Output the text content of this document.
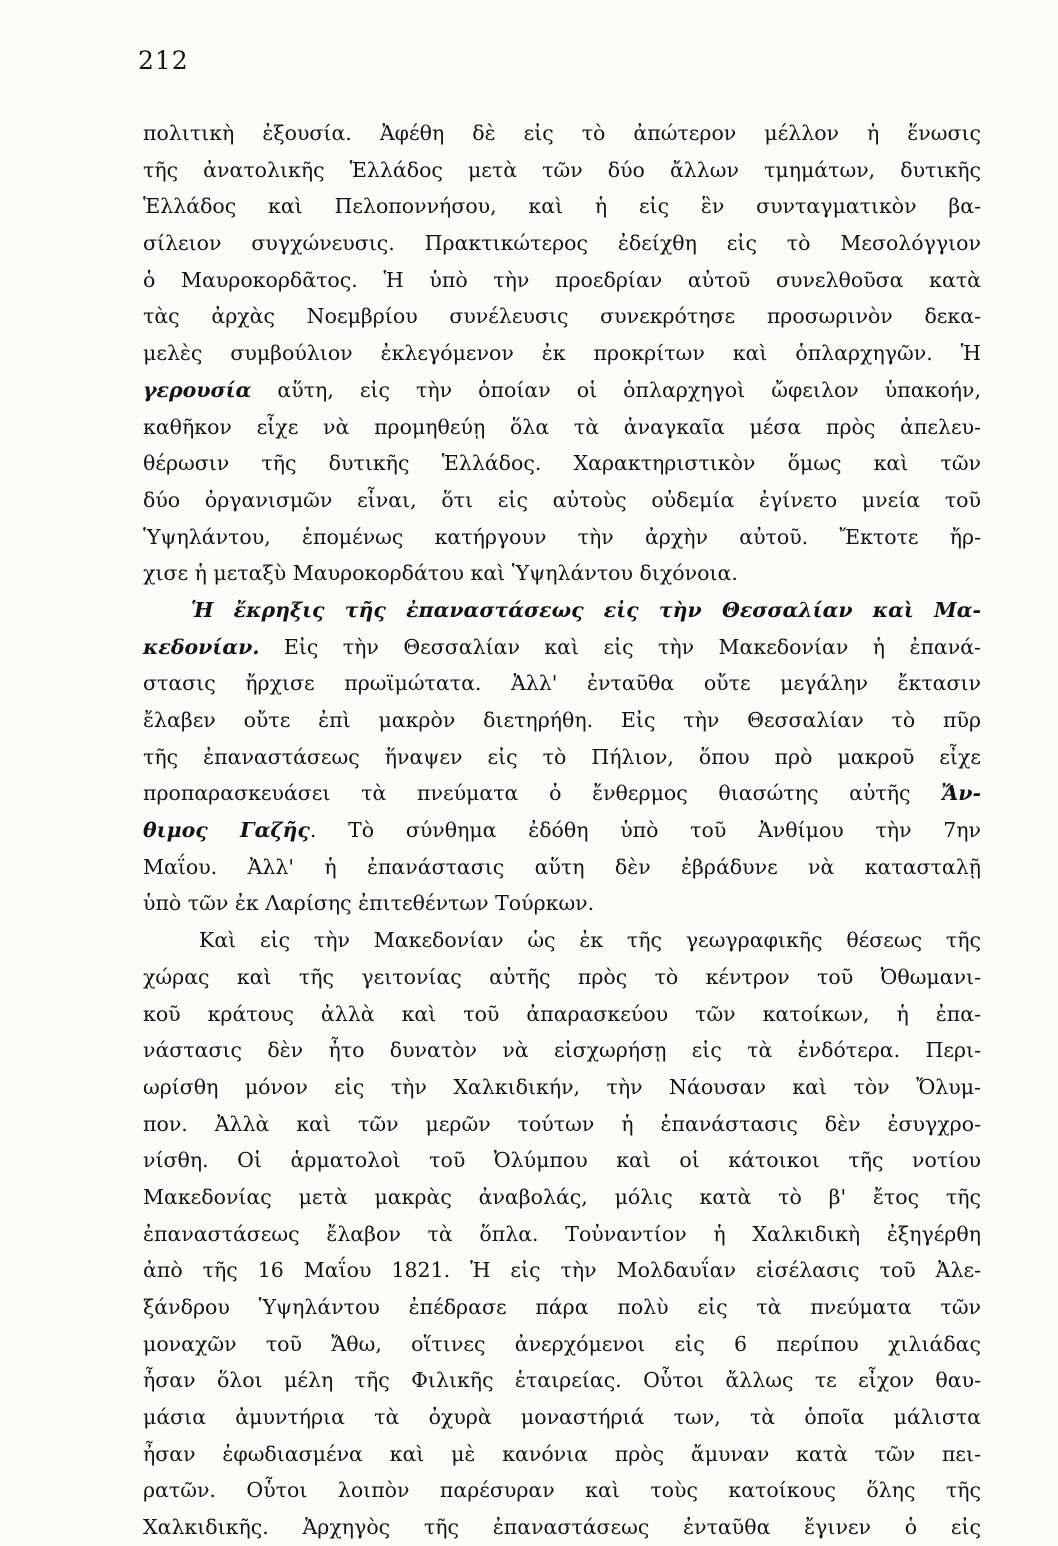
212
πολιτικὴ ἐξουσία. Ἀφέθη δὲ εἰς τὸ ἀπώτερον μέλλον ἡ ἕνωσις
τῆς ἀνατολικῆς Ἑλλάδος μετὰ τῶν δύο ἄλλων τμημάτων, δυτικῆς
Ἑλλάδος καὶ Πελοποννήσου, καὶ ἡ εἰς ἓν συνταγματικὸν βα-
σίλειον συγχώνευσις. Πρακτικώτερος ἐδείχθη εἰς τὸ Μεσολόγγιον
ὁ Μαυροκορδᾶτος. Ἡ ὑπὸ τὴν προεδρίαν αὐτοῦ συνελθοῦσα κατὰ
τὰς ἀρχὰς Νοεμβρίου συνέλευσις συνεκρότησε προσωρινὸν δεκα-
μελὲς συμβούλιον ἐκλεγόμενον ἐκ προκρίτων καὶ ὁπλαρχηγῶν. Ἡ
γερουσία αὕτη, εἰς τὴν ὁποίαν οἱ ὁπλαρχηγοὶ ὤφειλον ὑπακοήν,
καθῆκον εἶχε νὰ προμηθεύῃ ὅλα τὰ ἀναγκαῖα μέσα πρὸς ἀπελευ-
θέρωσιν τῆς δυτικῆς Ἑλλάδος. Χαρακτηριστικὸν ὅμως καὶ τῶν
δύο ὀργανισμῶν εἶναι, ὅτι εἰς αὐτοὺς οὐδεμία ἐγίνετο μνεία τοῦ
Ὑψηλάντου, ἑπομένως κατήργουν τὴν ἀρχὴν αὐτοῦ. Ἔκτοτε ἤρ-
χισε ἡ μεταξὺ Μαυροκορδάτου καὶ Ὑψηλάντου διχόνοια.
Ἡ ἔκρηξις τῆς ἐπαναστάσεως εἰς τὴν Θεσσαλίαν καὶ Μα-
κεδονίαν. Εἰς τὴν Θεσσαλίαν καὶ εἰς τὴν Μακεδονίαν ἡ ἐπανά-
στασις ἤρχισε πρωϊμώτατα. Ἀλλ' ἐνταῦθα οὔτε μεγάλην ἔκτασιν
ἔλαβεν οὔτε ἐπὶ μακρὸν διετηρήθη. Εἰς τὴν Θεσσαλίαν τὸ πῦρ
τῆς ἐπαναστάσεως ἥναψεν εἰς τὸ Πήλιον, ὅπου πρὸ μακροῦ εἶχε
προπαρασκευάσει τὰ πνεύματα ὁ ἔνθερμος θιασώτης αὐτῆς Ἄν-
θιμος Γαζῆς. Τὸ σύνθημα ἐδόθη ὑπὸ τοῦ Ἀνθίμου τὴν 7ην
Μαΐου. Ἀλλ' ἡ ἐπανάστασις αὕτη δὲν ἐβράδυνε νὰ κατασταλῇ
ὑπὸ τῶν ἐκ Λαρίσης ἐπιτεθέντων Τούρκων.
Καὶ εἰς τὴν Μακεδονίαν ὡς ἐκ τῆς γεωγραφικῆς θέσεως τῆς
χώρας καὶ τῆς γειτονίας αὐτῆς πρὸς τὸ κέντρον τοῦ Ὀθωμανι-
κοῦ κράτους ἀλλὰ καὶ τοῦ ἀπαρασκεύου τῶν κατοίκων, ἡ ἐπα-
νάστασις δὲν ἦτο δυνατὸν νὰ εἰσχωρήσῃ εἰς τὰ ἐνδότερα. Περι-
ωρίσθη μόνον εἰς τὴν Χαλκιδικήν, τὴν Νάουσαν καὶ τὸν Ὄλυμ-
πον. Ἀλλὰ καὶ τῶν μερῶν τούτων ἡ ἐπανάστασις δὲν ἐσυγχρο-
νίσθη. Οἱ ἁρματολοὶ τοῦ Ὀλύμπου καὶ οἱ κάτοικοι τῆς νοτίου
Μακεδονίας μετὰ μακρὰς ἀναβολάς, μόλις κατὰ τὸ β' ἔτος τῆς
ἐπαναστάσεως ἔλαβον τὰ ὅπλα. Τοὐναντίον ἡ Χαλκιδικὴ ἐξηγέρθη
ἀπὸ τῆς 16 Μαΐου 1821. Ἡ εἰς τὴν Μολδαυΐαν εἰσέλασις τοῦ Ἀλε-
ξάνδρου Ὑψηλάντου ἐπέδρασε πάρα πολὺ εἰς τὰ πνεύματα τῶν
μοναχῶν τοῦ Ἄθω, οἵτινες ἀνερχόμενοι εἰς 6 περίπου χιλιάδας
ἦσαν ὅλοι μέλη τῆς Φιλικῆς ἑταιρείας. Οὗτοι ἄλλως τε εἶχον θαυ-
μάσια ἀμυντήρια τὰ ὀχυρὰ μοναστήριά των, τὰ ὁποῖα μάλιστα
ἦσαν ἐφωδιασμένα καὶ μὲ κανόνια πρὸς ἄμυναν κατὰ τῶν πει-
ρατῶν. Οὗτοι λοιπὸν παρέσυραν καὶ τοὺς κατοίκους ὅλης τῆς
Χαλκιδικῆς. Ἀρχηγὸς τῆς ἐπαναστάσεως ἐνταῦθα ἔγινεν ὁ εἰς
